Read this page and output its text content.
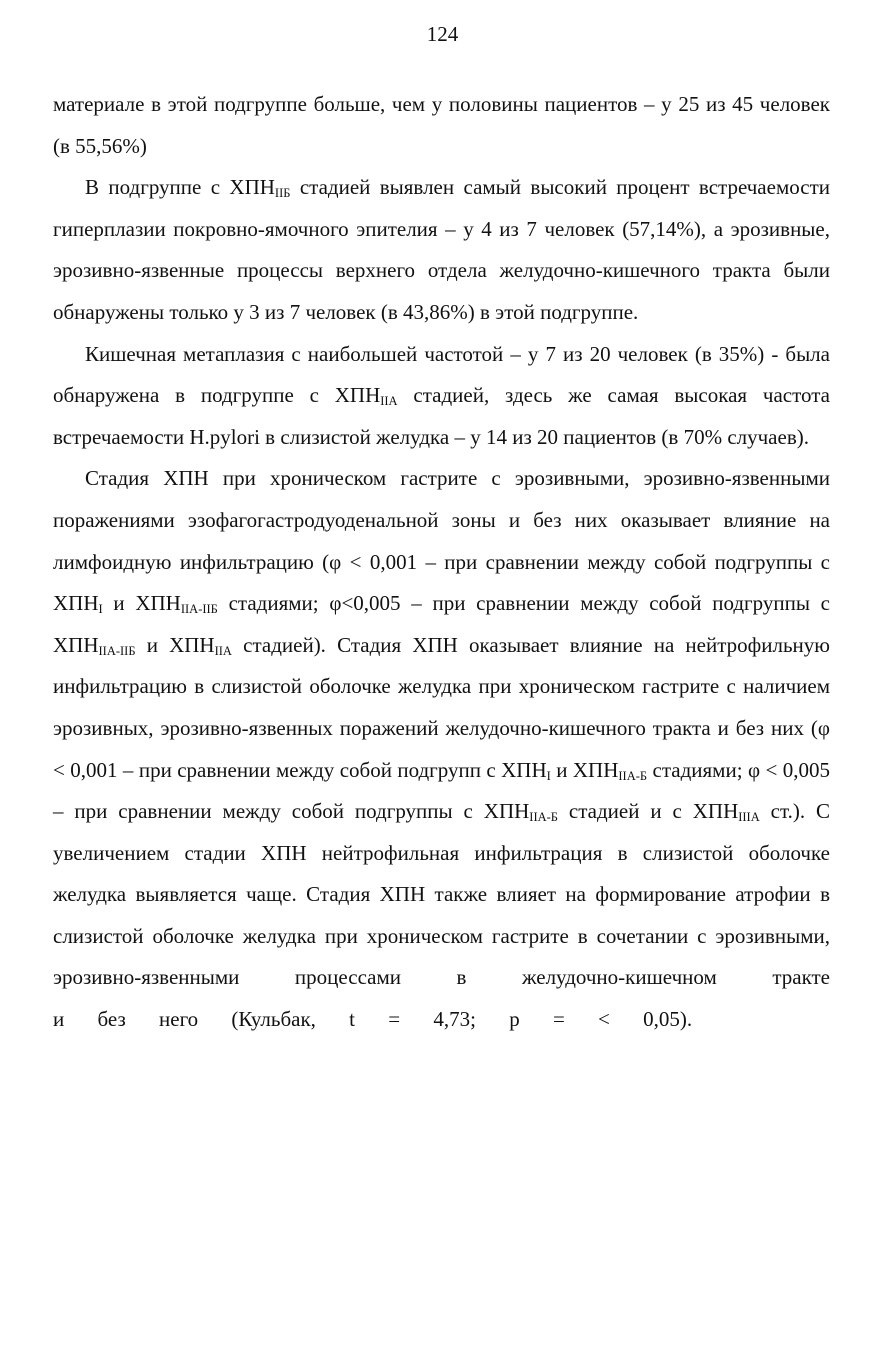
124

материале в этой подгруппе больше, чем у половины пациентов – у 25 из 45 человек (в 55,56%)

В подгруппе с $ХПН_{IIБ}$ стадией выявлен самый высокий процент встречаемости гиперплазии покровно-ямочного эпителия – у 4 из 7 человек (57,14%), а эрозивные, эрозивно-язвенные процессы верхнего отдела желудочно-кишечного тракта были обнаружены только у 3 из 7 человек (в 43,86%) в этой подгруппе.

Кишечная метаплазия с наибольшей частотой – у 7 из 20 человек (в 35%) - была обнаружена в подгруппе с $ХПН_{IIА}$ стадией, здесь же самая высокая частота встречаемости H.pylori в слизистой желудка – у 14 из 20 пациентов (в 70% случаев).

Стадия ХПН при хроническом гастрите с эрозивными, эрозивно-язвенными поражениями эзофагогастродуоденальной зоны и без них оказывает влияние на лимфоидную инфильтрацию (φ < 0,001 – при сравнении между собой подгруппы с $ХПН_I$ и $ХПН_{IIА-IIБ}$ стадиями; φ<0,005 – при сравнении между собой подгруппы с $ХПН_{IIА-IIБ}$ и $ХПН_{IIА}$ стадией). Стадия ХПН оказывает влияние на нейтрофильную инфильтрацию в слизистой оболочке желудка при хроническом гастрите с наличием эрозивных, эрозивно-язвенных поражений желудочно-кишечного тракта и без них (φ < 0,001 – при сравнении между собой подгрупп с $ХПН_I$ и $ХПН_{IIА-Б}$ стадиями; φ < 0,005 – при сравнении между собой подгруппы с $ХПН_{IIА-Б}$ стадией и с $ХПН_{IIIА}$ ст.). С увеличением стадии ХПН нейтрофильная инфильтрация в слизистой оболочке желудка выявляется чаще. Стадия ХПН также влияет на формирование атрофии в слизистой оболочке желудка при хроническом гастрите в сочетании с эрозивными, эрозивно-язвенными процессами в желудочно-кишечном тракте

и без него (Кульбак, t = 4,73; p = < 0,05).
